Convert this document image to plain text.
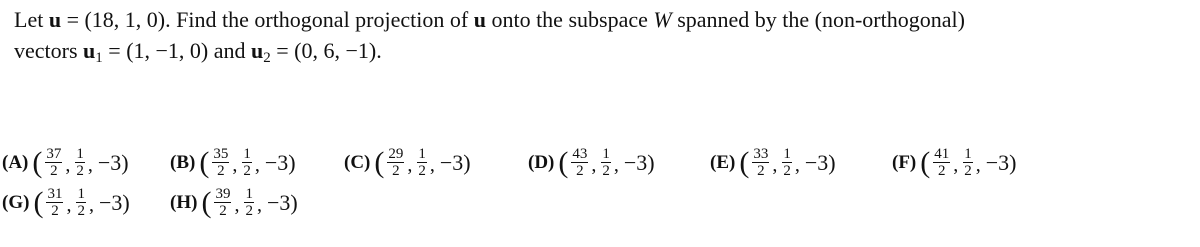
Let u = (18, 1, 0). Find the orthogonal projection of u onto the subspace W spanned by the (non-orthogonal)
vectors $u_1 = (1$, −1, 0) and $u_2 = (0$, 6, −1).
(A) ( $\frac{37}{2}$ , $\frac{1}{2}$ , −3) (B) ( $\frac{35}{2}$ , $\frac{1}{2}$ , −3)	(C) ( $\frac{29}{2}$ , $\frac{1}{2}$ , −3)	(D) ( $\frac{43}{2}$ , $\frac{1}{2}$ , −3)	(E) ( $\frac{33}{2}$ , $\frac{1}{2}$ , −3)	(F) ( $\frac{41}{2}$ , $\frac{1}{2}$ , −3)
(G) ( $\frac{31}{2}$ , $\frac{1}{2}$ , −3) (H) ( $\frac{39}{2}$ , $\frac{1}{2}$ , −3)
